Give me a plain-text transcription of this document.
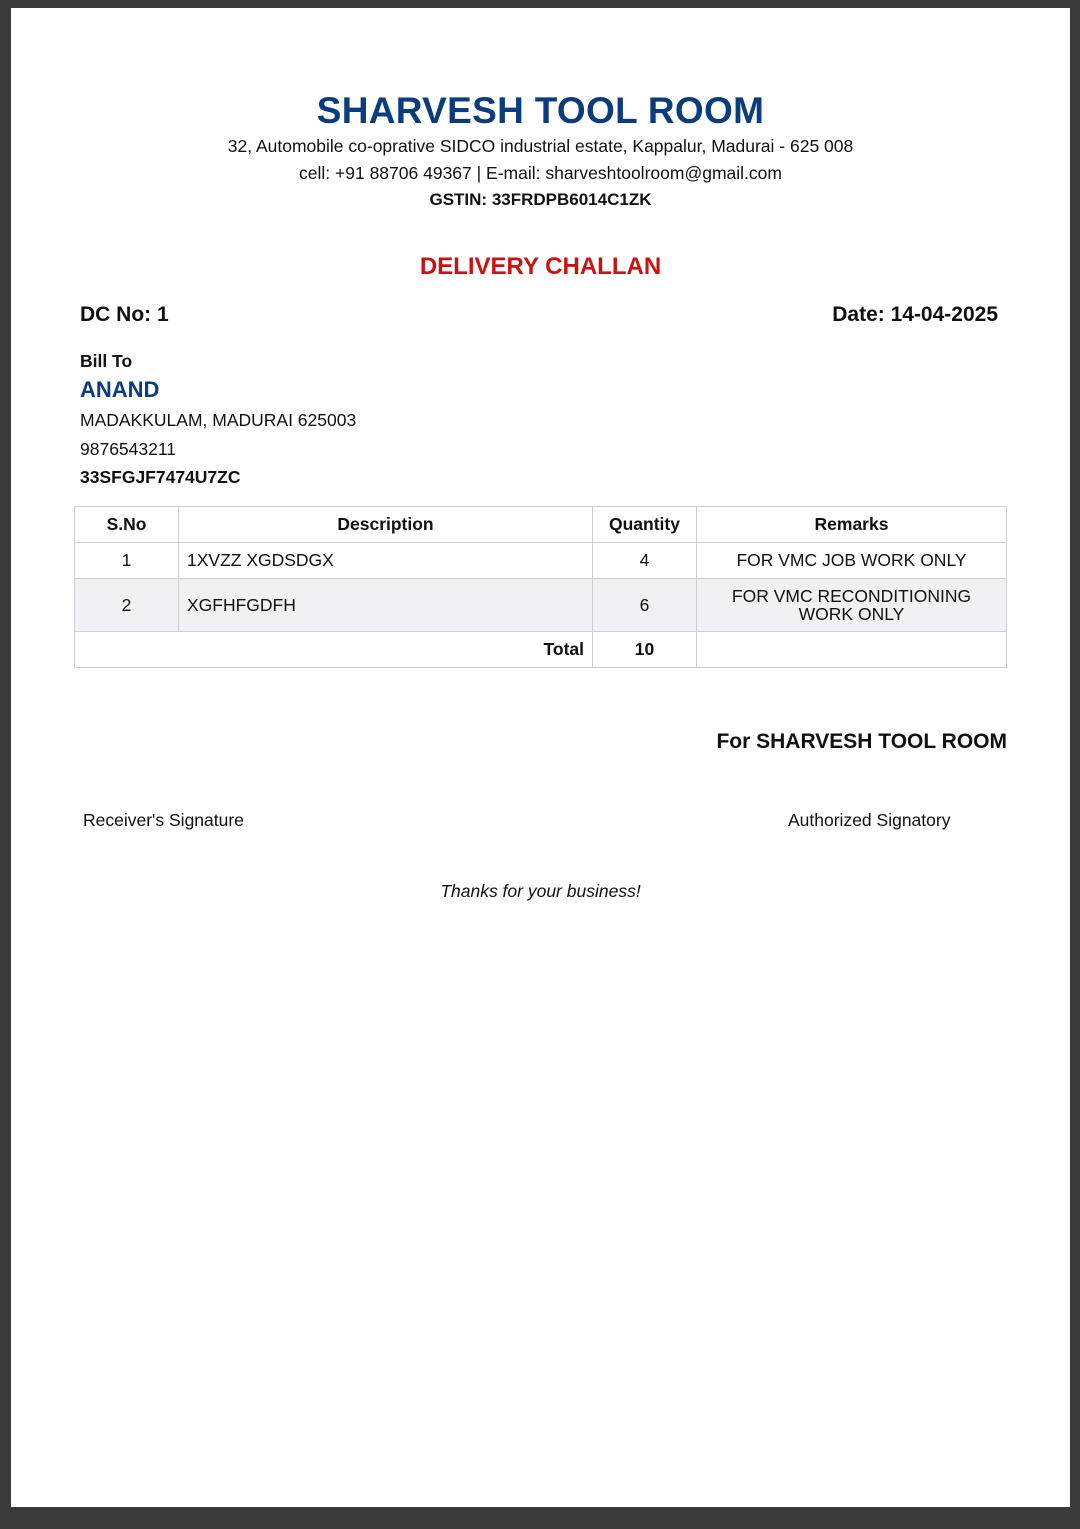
SHARVESH TOOL ROOM
32, Automobile co-oprative SIDCO industrial estate, Kappalur, Madurai - 625 008
cell: +91 88706 49367 | E-mail: sharveshtoolroom@gmail.com
GSTIN: 33FRDPB6014C1ZK
DELIVERY CHALLAN
DC No: 1	Date: 14-04-2025
Bill To
ANAND
MADAKKULAM, MADURAI 625003
9876543211
33SFGJF7474U7ZC
S.No	Description	Quantity	Remarks
1	1XVZZ XGDSDGX	4	FOR VMC JOB WORK ONLY
2	XGFHFGDFH	6	FOR VMC RECONDITIONING WORK ONLY
Total		10	
For SHARVESH TOOL ROOM
Receiver's Signature	Authorized Signatory
Thanks for your business!
